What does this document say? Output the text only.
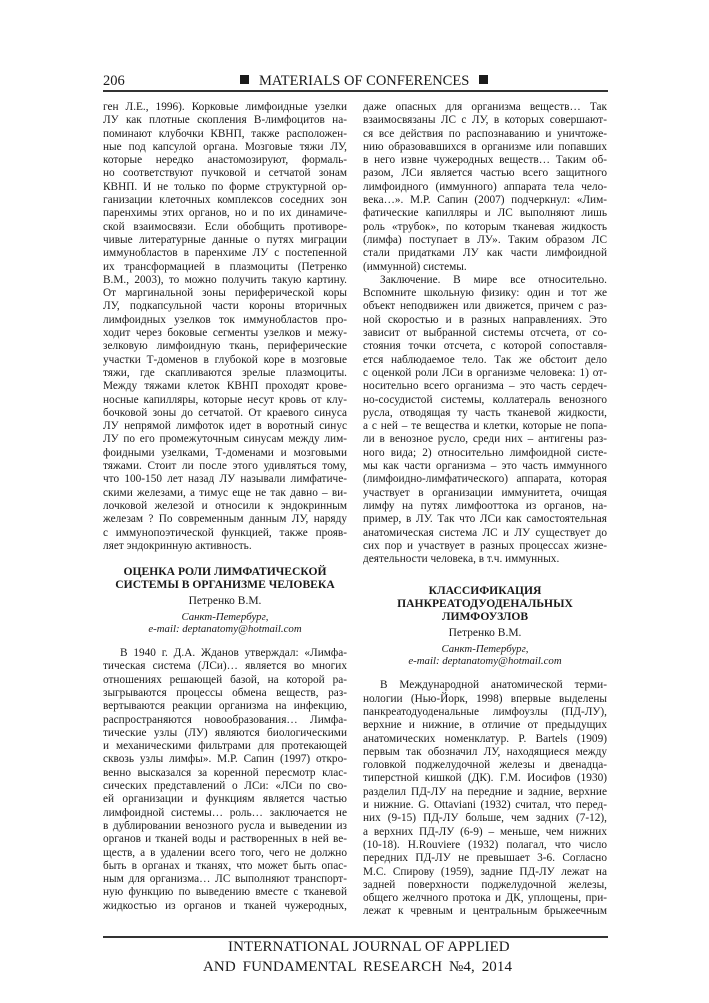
206	MATERIALS OF CONFERENCES
ген Л.Е., 1996). Корковые лимфоидные узелки
ЛУ как плотные скопления В-лимфоцитов на-
поминают клубочки КВНП, также расположен-
ные под капсулой органа. Мозговые тяжи ЛУ,
которые нередко анастомозируют, формаль-
но соответствуют пучковой и сетчатой зонам
КВНП. И не только по форме структурной ор-
ганизации клеточных комплексов соседних зон
паренхимы этих органов, но и по их динамиче-
ской взаимосвязи. Если обобщить противоре-
чивые литературные данные о путях миграции
иммунобластов в паренхиме ЛУ с постепенной
их трансформацией в плазмоциты (Петренко
В.М., 2003), то можно получить такую картину.
От маргинальной зоны периферической коры
ЛУ, подкапсульной части короны вторичных
лимфоидных узелков ток иммунобластов про-
ходит через боковые сегменты узелков и межу-
зелковую лимфоидную ткань, периферические
участки Т-доменов в глубокой коре в мозговые
тяжи, где скапливаются зрелые плазмоциты.
Между тяжами клеток КВНП проходят крове-
носные капилляры, которые несут кровь от клу-
бочковой зоны до сетчатой. От краевого синуса
ЛУ непрямой лимфоток идет в воротный синус
ЛУ по его промежуточным синусам между лим-
фоидными узелками, Т-доменами и мозговыми
тяжами. Стоит ли после этого удивляться тому,
что 100-150 лет назад ЛУ называли лимфатиче-
скими железами, а тимус еще не так давно – ви-
лочковой железой и относили к эндокринным
железам ? По современным данным ЛУ, наряду
с иммунопоэтической функцией, также прояв-
ляет эндокринную активность.
ОЦЕНКА РОЛИ ЛИМФАТИЧЕСКОЙ
СИСТЕМЫ В ОРГАНИЗМЕ ЧЕЛОВЕКА
Петренко В.М.
Санкт-Петербург,
e-mail: deptanatomy@hotmail.com
В 1940 г. Д.А. Жданов утверждал: «Лимфа-
тическая система (ЛСи)… является во многих
отношениях решающей базой, на которой ра-
зыгрываются процессы обмена веществ, раз-
вертываются реакции организма на инфекцию,
распространяются новообразования… Лимфа-
тические узлы (ЛУ) являются биологическими
и механическими фильтрами для протекающей
сквозь узлы лимфы». М.Р. Сапин (1997) откро-
венно высказался за коренной пересмотр клас-
сических представлений о ЛСи: «ЛСи по сво-
ей организации и функциям является частью
лимфоидной системы… роль… заключается не
в дублировании венозного русла и выведении из
органов и тканей воды и растворенных в ней ве-
ществ, а в удалении всего того, чего не должно
быть в органах и тканях, что может быть опас-
ным для организма… ЛС выполняют транспорт-
ную функцию по выведению вместе с тканевой
жидкостью из органов и тканей чужеродных,
даже опасных для организма веществ… Так
взаимосвязаны ЛС с ЛУ, в которых совершают-
ся все действия по распознаванию и уничтоже-
нию образовавшихся в организме или попавших
в него извне чужеродных веществ… Таким об-
разом, ЛСи является частью всего защитного
лимфоидного (иммунного) аппарата тела чело-
века…». М.Р. Сапин (2007) подчеркнул: «Лим-
фатические капилляры и ЛС выполняют лишь
роль «трубок», по которым тканевая жидкость
(лимфа) поступает в ЛУ». Таким образом ЛС
стали придатками ЛУ как части лимфоидной
(иммунной) системы.
Заключение. В мире все относительно.
Вспомните школьную физику: один и тот же
объект неподвижен или движется, причем с раз-
ной скоростью и в разных направлениях. Это
зависит от выбранной системы отсчета, от со-
стояния точки отсчета, с которой сопоставля-
ется наблюдаемое тело. Так же обстоит дело
с оценкой роли ЛСи в организме человека: 1) от-
носительно всего организма – это часть сердеч-
но-сосудистой системы, коллатераль венозного
русла, отводящая ту часть тканевой жидкости,
а с ней – те вещества и клетки, которые не попа-
ли в венозное русло, среди них – антигены раз-
ного вида; 2) относительно лимфоидной систе-
мы как части организма – это часть иммунного
(лимфоидно-лимфатического) аппарата, которая
участвует в организации иммунитета, очищая
лимфу на путях лимфооттока из органов, на-
пример, в ЛУ. Так что ЛСи как самостоятельная
анатомическая система ЛС и ЛУ существует до
сих пор и участвует в разных процессах жизне-
деятельности человека, в т.ч. иммунных.
КЛАССИФИКАЦИЯ
ПАНКРЕАТОДУОДЕНАЛЬНЫХ
ЛИМФОУЗЛОВ
Петренко В.М.
Санкт-Петербург,
e-mail: deptanatomy@hotmail.com
В Международной анатомической терми-
нологии (Нью-Йорк, 1998) впервые выделены
панкреатодуоденальные лимфоузлы (ПД-ЛУ),
верхние и нижние, в отличие от предыдущих
анатомических номенклатур. P. Bartels (1909)
первым так обозначил ЛУ, находящиеся между
головкой поджелудочной железы и двенадца-
типерстной кишкой (ДК). Г.М. Иосифов (1930)
разделил ПД-ЛУ на передние и задние, верхние
и нижние. G. Ottaviani (1932) считал, что перед-
них (9-15) ПД-ЛУ больше, чем задних (7-12),
а верхних ПД-ЛУ (6-9) – меньше, чем нижних
(10-18). H.Rouviere (1932) полагал, что число
передних ПД-ЛУ не превышает 3-6. Согласно
М.С. Спирову (1959), задние ПД-ЛУ лежат на
задней поверхности поджелудочной железы,
общего желчного протока и ДК, уплощены, при-
лежат к чревным и центральным брыжеечным
INTERNATIONAL JOURNAL OF APPLIED
AND FUNDAMENTAL RESEARCH №4, 2014
